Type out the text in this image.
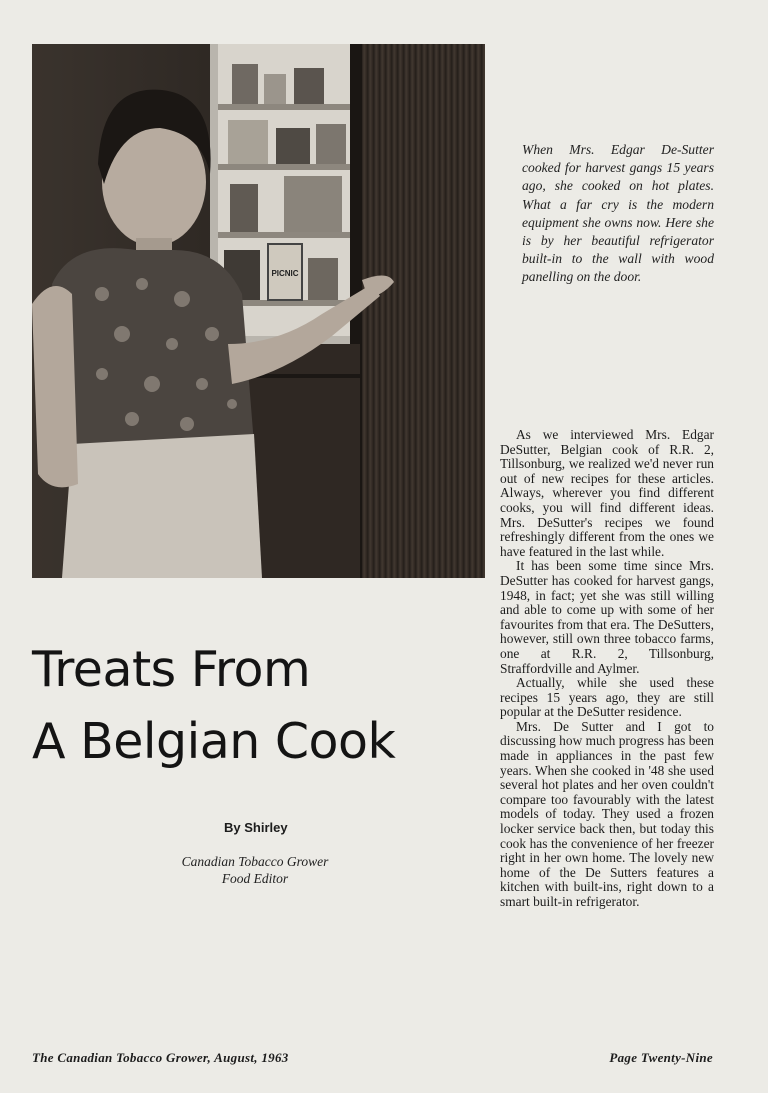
PICNIC
When Mrs. Edgar De-Sutter cooked for harvest gangs 15 years ago, she cooked on hot plates. What a far cry is the modern equipment she owns now. Here she is by her beautiful refrigerator built-in to the wall with wood panelling on the door.
Treats From
A Belgian Cook
By Shirley
Canadian Tobacco Grower
Food Editor

As we interviewed Mrs. Edgar DeSutter, Belgian cook of R.R. 2, Tillsonburg, we realized we'd never run out of new recipes for these articles. Always, wherever you find different cooks, you will find different ideas. Mrs. DeSutter's recipes we found refreshingly different from the ones we have featured in the last while.

It has been some time since Mrs. DeSutter has cooked for harvest gangs, 1948, in fact; yet she was still willing and able to come up with some of her favourites from that era. The DeSutters, however, still own three tobacco farms, one at R.R. 2, Tillsonburg, Straffordville and Aylmer.

Actually, while she used these recipes 15 years ago, they are still popular at the DeSutter residence.

Mrs. De Sutter and I got to discussing how much progress has been made in appliances in the past few years. When she cooked in '48 she used several hot plates and her oven couldn't compare too favourably with the latest models of today. They used a frozen locker service back then, but today this cook has the convenience of her freezer right in her own home. The lovely new home of the De Sutters features a kitchen with built-ins, right down to a smart built-in refrigerator.

The Canadian Tobacco Grower, August, 1963	Page Twenty-Nine
